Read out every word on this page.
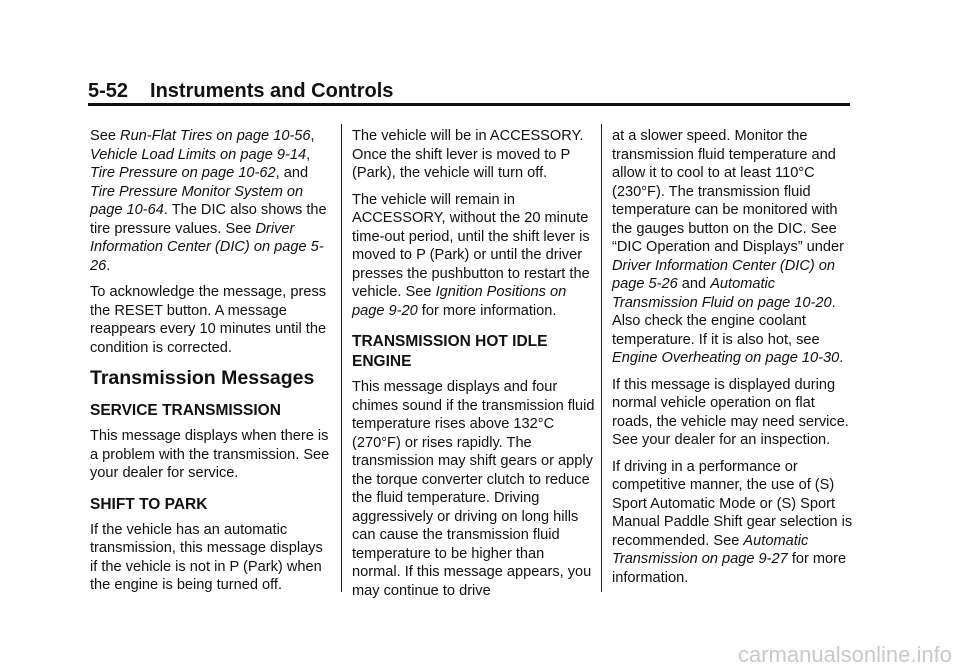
5-52 Instruments and Controls

See Run-Flat Tires on page 10-56, Vehicle Load Limits on page 9-14, Tire Pressure on page 10-62, and Tire Pressure Monitor System on page 10-64. The DIC also shows the tire pressure values. See Driver Information Center (DIC) on page 5-26.

To acknowledge the message, press the RESET button. A message reappears every 10 minutes until the condition is corrected.

Transmission Messages
SERVICE TRANSMISSION

This message displays when there is a problem with the transmission. See your dealer for service.

SHIFT TO PARK

If the vehicle has an automatic transmission, this message displays if the vehicle is not in P (Park) when the engine is being turned off.

The vehicle will be in ACCESSORY. Once the shift lever is moved to P (Park), the vehicle will turn off.

The vehicle will remain in ACCESSORY, without the 20 minute time-out period, until the shift lever is moved to P (Park) or until the driver presses the pushbutton to restart the vehicle. See Ignition Positions on page 9-20 for more information.

TRANSMISSION HOT IDLE ENGINE

This message displays and four chimes sound if the transmission fluid temperature rises above 132°C (270°F) or rises rapidly. The transmission may shift gears or apply the torque converter clutch to reduce the fluid temperature. Driving aggressively or driving on long hills can cause the transmission fluid temperature to be higher than normal. If this message appears, you may continue to drive

at a slower speed. Monitor the transmission fluid temperature and allow it to cool to at least 110°C (230°F). The transmission fluid temperature can be monitored with the gauges button on the DIC. See “DIC Operation and Displays” under Driver Information Center (DIC) on page 5-26 and Automatic Transmission Fluid on page 10-20. Also check the engine coolant temperature. If it is also hot, see Engine Overheating on page 10-30.

If this message is displayed during normal vehicle operation on flat roads, the vehicle may need service. See your dealer for an inspection.

If driving in a performance or competitive manner, the use of (S) Sport Automatic Mode or (S) Sport Manual Paddle Shift gear selection is recommended. See Automatic Transmission on page 9-27 for more information.

carmanualsonline.info
